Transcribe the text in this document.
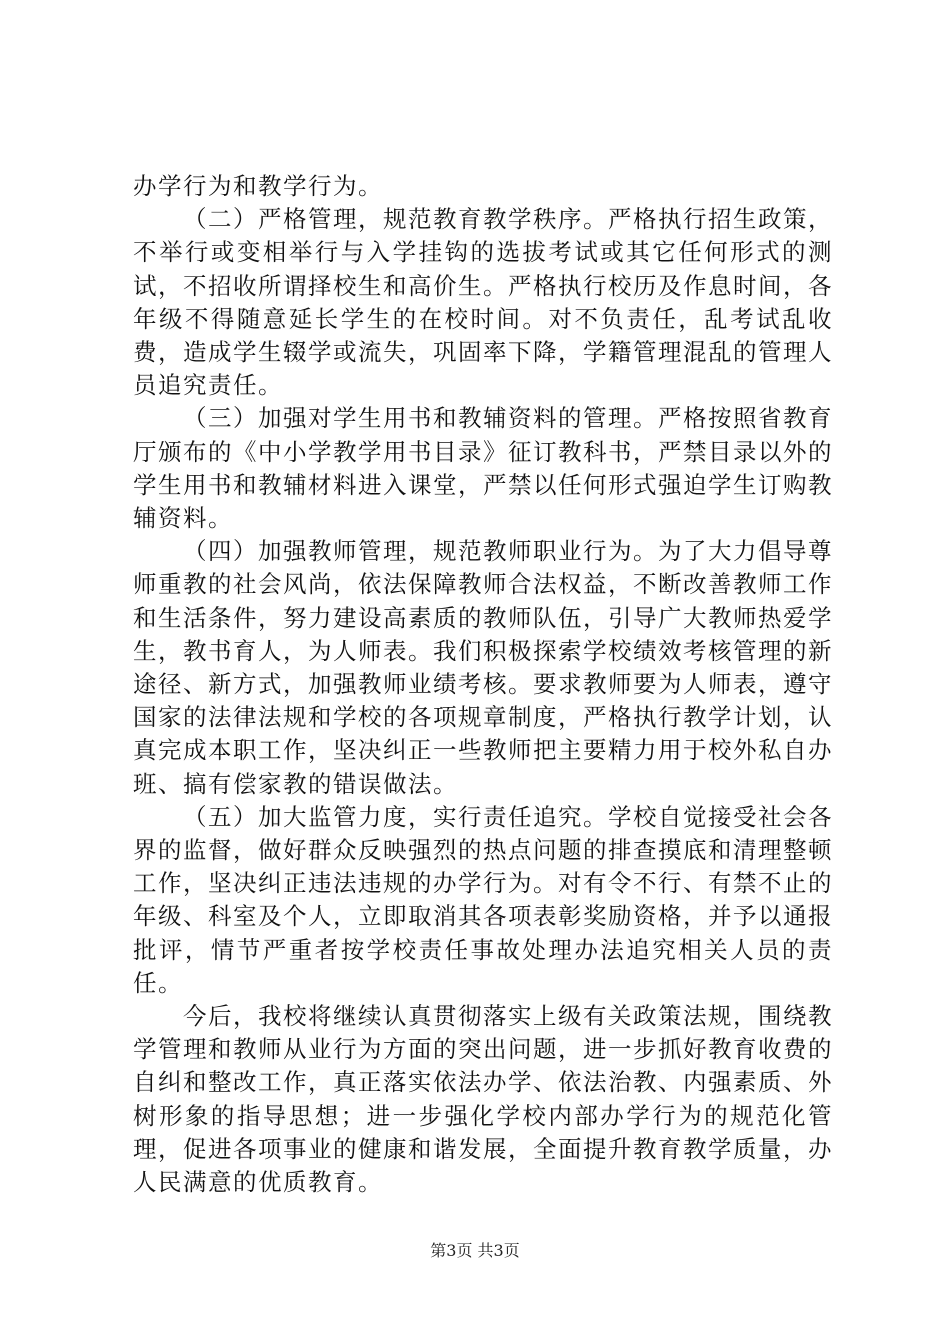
办学行为和教学行为。

（二）严格管理，规范教育教学秩序。严格执行招生政策，不举行或变相举行与入学挂钩的选拔考试或其它任何形式的测试，不招收所谓择校生和高价生。严格执行校历及作息时间，各年级不得随意延长学生的在校时间。对不负责任，乱考试乱收费，造成学生辍学或流失，巩固率下降，学籍管理混乱的管理人员追究责任。

（三）加强对学生用书和教辅资料的管理。严格按照省教育厅颁布的《中小学教学用书目录》征订教科书，严禁目录以外的学生用书和教辅材料进入课堂，严禁以任何形式强迫学生订购教辅资料。

（四）加强教师管理，规范教师职业行为。为了大力倡导尊师重教的社会风尚，依法保障教师合法权益，不断改善教师工作和生活条件，努力建设高素质的教师队伍，引导广大教师热爱学生，教书育人，为人师表。我们积极探索学校绩效考核管理的新途径、新方式，加强教师业绩考核。要求教师要为人师表，遵守国家的法律法规和学校的各项规章制度，严格执行教学计划，认真完成本职工作，坚决纠正一些教师把主要精力用于校外私自办班、搞有偿家教的错误做法。

（五）加大监管力度，实行责任追究。学校自觉接受社会各界的监督，做好群众反映强烈的热点问题的排查摸底和清理整顿工作，坚决纠正违法违规的办学行为。对有令不行、有禁不止的年级、科室及个人，立即取消其各项表彰奖励资格，并予以通报批评，情节严重者按学校责任事故处理办法追究相关人员的责任。

今后，我校将继续认真贯彻落实上级有关政策法规，围绕教学管理和教师从业行为方面的突出问题，进一步抓好教育收费的自纠和整改工作，真正落实依法办学、依法治教、内强素质、外树形象的指导思想；进一步强化学校内部办学行为的规范化管理，促进各项事业的健康和谐发展，全面提升教育教学质量，办人民满意的优质教育。

第3页 共3页
